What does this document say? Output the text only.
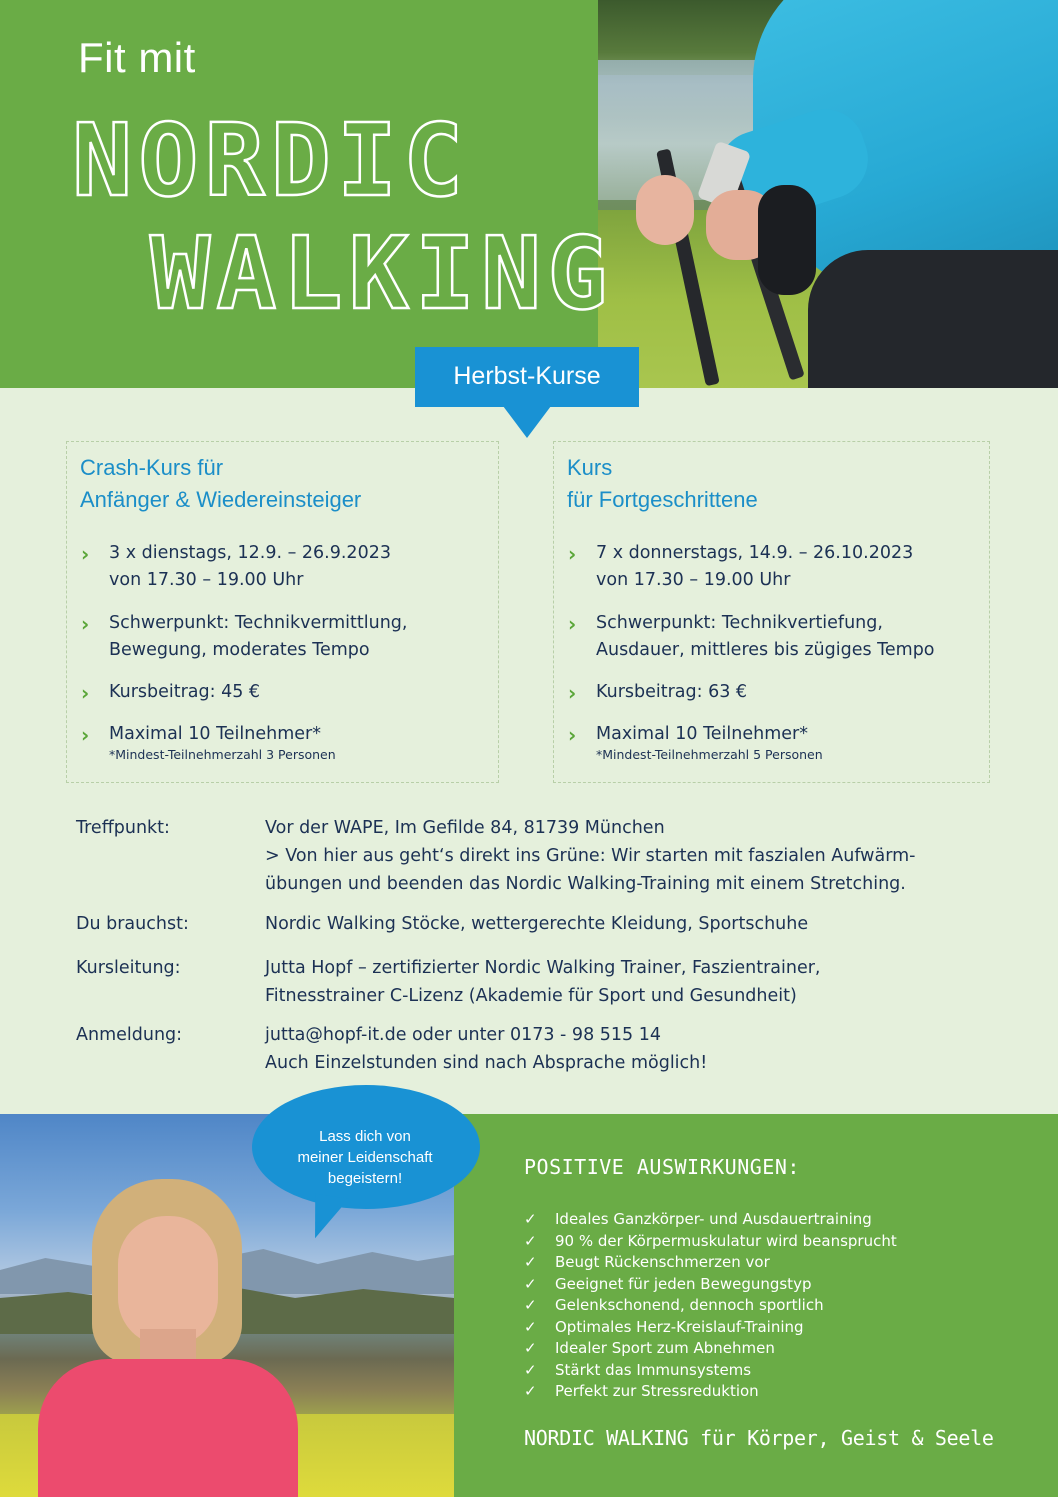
Fit mit
NORDIC
WALKING
Herbst-Kurse
Crash-Kurs für
Anfänger & Wiedereinsteiger
›	3 x dienstags, 12.9. – 26.9.2023
von 17.30 – 19.00 Uhr
›	Schwerpunkt: Technikvermittlung,
Bewegung, moderates Tempo
›	Kursbeitrag: 45 €
›	Maximal 10 Teilnehmer*
*Mindest-Teilnehmerzahl 3 Personen
Kurs
für Fortgeschrittene
›	7 x donnerstags, 14.9. – 26.10.2023
von 17.30 – 19.00 Uhr
›	Schwerpunkt: Technikvertiefung,
Ausdauer, mittleres bis zügiges Tempo
›	Kursbeitrag: 63 €
›	Maximal 10 Teilnehmer*
*Mindest-Teilnehmerzahl 5 Personen
Treffpunkt:	Vor der WAPE, Im Gefilde 84, 81739 München
> Von hier aus geht‘s direkt ins Grüne: Wir starten mit faszialen Aufwärm-
übungen und beenden das Nordic Walking-Training mit einem Stretching.
Du brauchst:	Nordic Walking Stöcke, wettergerechte Kleidung, Sportschuhe
Kursleitung:	Jutta Hopf – zertifizierter Nordic Walking Trainer, Faszientrainer,
Fitnesstrainer C-Lizenz (Akademie für Sport und Gesundheit)
Anmeldung:	jutta@hopf-it.de oder unter 0173 - 98 515 14
Auch Einzelstunden sind nach Absprache möglich!
Lass dich von
meiner Leidenschaft
begeistern!	POSITIVE AUSWIRKUNGEN:
✓ Ideales Ganzkörper- und Ausdauertraining
✓ 90 % der Körpermuskulatur wird beansprucht
✓ Beugt Rückenschmerzen vor
✓ Geeignet für jeden Bewegungstyp
✓ Gelenkschonend, dennoch sportlich
✓ Optimales Herz-Kreislauf-Training
✓ Idealer Sport zum Abnehmen
✓ Stärkt das Immunsystems
✓ Perfekt zur Stressreduktion
NORDIC WALKING für Körper, Geist & Seele
